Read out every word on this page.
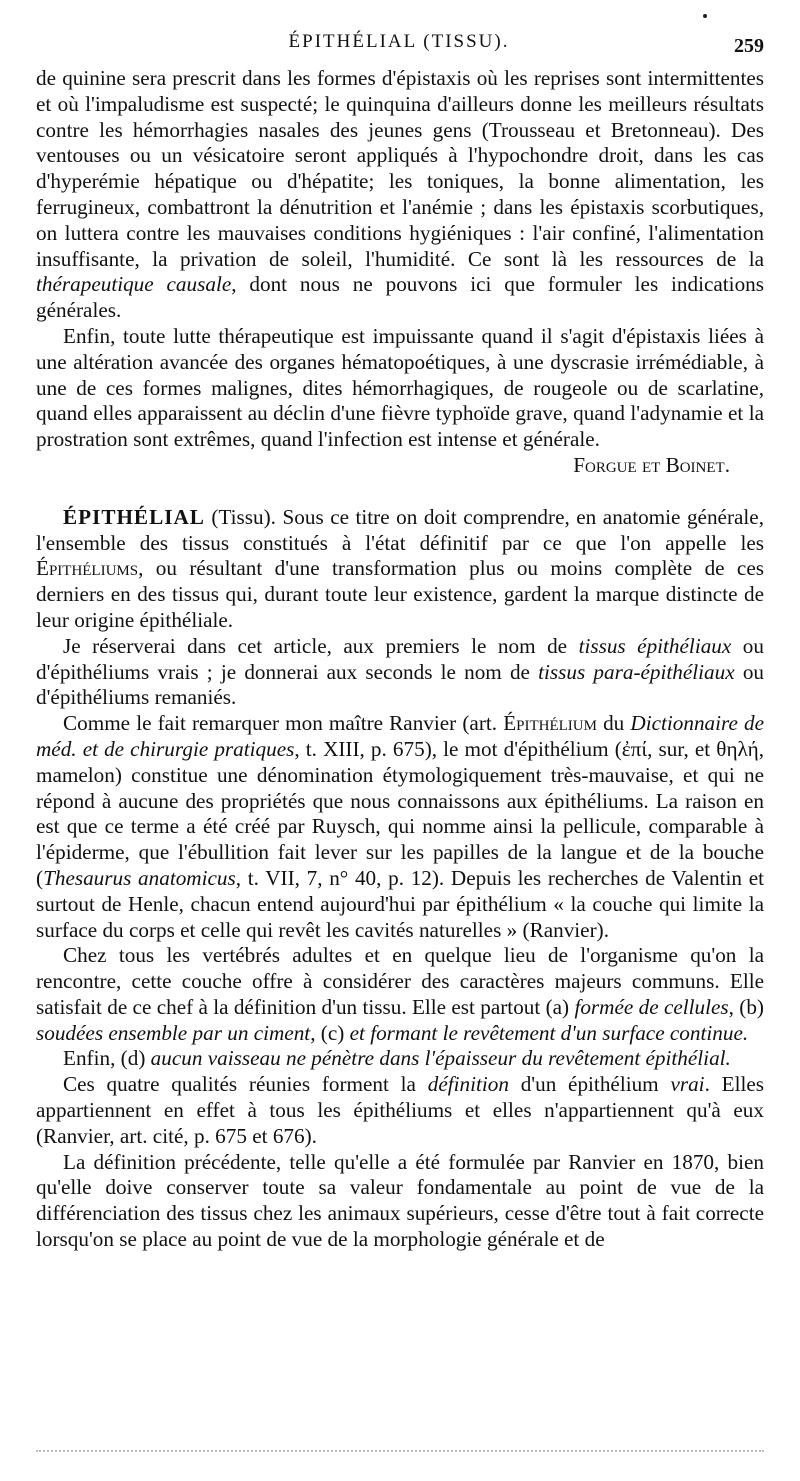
ÉPITHÉLIAL (TISSU).	259

de quinine sera prescrit dans les formes d'épistaxis où les reprises sont intermittentes et où l'impaludisme est suspecté; le quinquina d'ailleurs donne les meilleurs résultats contre les hémorrhagies nasales des jeunes gens (Trousseau et Bretonneau). Des ventouses ou un vésicatoire seront appliqués à l'hypochondre droit, dans les cas d'hyperémie hépatique ou d'hépatite; les toniques, la bonne alimentation, les ferrugineux, combattront la dénutrition et l'anémie ; dans les épistaxis scorbutiques, on luttera contre les mauvaises conditions hygiéniques : l'air confiné, l'alimentation insuffisante, la privation de soleil, l'humidité. Ce sont là les ressources de la thérapeutique causale, dont nous ne pouvons ici que formuler les indications générales.

Enfin, toute lutte thérapeutique est impuissante quand il s'agit d'épistaxis liées à une altération avancée des organes hématopoétiques, à une dyscrasie irrémédiable, à une de ces formes malignes, dites hémorrhagiques, de rougeole ou de scarlatine, quand elles apparaissent au déclin d'une fièvre typhoïde grave, quand l'adynamie et la prostration sont extrêmes, quand l'infection est intense et générale.

Forgue et Boinet.

ÉPITHÉLIAL (Tissu). Sous ce titre on doit comprendre, en anatomie générale, l'ensemble des tissus constitués à l'état définitif par ce que l'on appelle les Épithéliums, ou résultant d'une transformation plus ou moins complète de ces derniers en des tissus qui, durant toute leur existence, gardent la marque distincte de leur origine épithéliale.

Je réserverai dans cet article, aux premiers le nom de tissus épithéliaux ou d'épithéliums vrais ; je donnerai aux seconds le nom de tissus para-épithéliaux ou d'épithéliums remaniés.

Comme le fait remarquer mon maître Ranvier (art. Épithélium du Dictionnaire de méd. et de chirurgie pratiques, t. XIII, p. 675), le mot d'épithélium (ἐπί, sur, et θηλή, mamelon) constitue une dénomination étymologiquement très-mauvaise, et qui ne répond à aucune des propriétés que nous connaissons aux épithéliums. La raison en est que ce terme a été créé par Ruysch, qui nomme ainsi la pellicule, comparable à l'épiderme, que l'ébullition fait lever sur les papilles de la langue et de la bouche (Thesaurus anatomicus, t. VII, 7, n° 40, p. 12). Depuis les recherches de Valentin et surtout de Henle, chacun entend aujourd'hui par épithélium « la couche qui limite la surface du corps et celle qui revêt les cavités naturelles » (Ranvier).

Chez tous les vertébrés adultes et en quelque lieu de l'organisme qu'on la rencontre, cette couche offre à considérer des caractères majeurs communs. Elle satisfait de ce chef à la définition d'un tissu. Elle est partout (a) formée de cellules, (b) soudées ensemble par un ciment, (c) et formant le revêtement d'un surface continue.

Enfin, (d) aucun vaisseau ne pénètre dans l'épaisseur du revêtement épithélial.

Ces quatre qualités réunies forment la définition d'un épithélium vrai. Elles appartiennent en effet à tous les épithéliums et elles n'appartiennent qu'à eux (Ranvier, art. cité, p. 675 et 676).

La définition précédente, telle qu'elle a été formulée par Ranvier en 1870, bien qu'elle doive conserver toute sa valeur fondamentale au point de vue de la différenciation des tissus chez les animaux supérieurs, cesse d'être tout à fait correcte lorsqu'on se place au point de vue de la morphologie générale et de
